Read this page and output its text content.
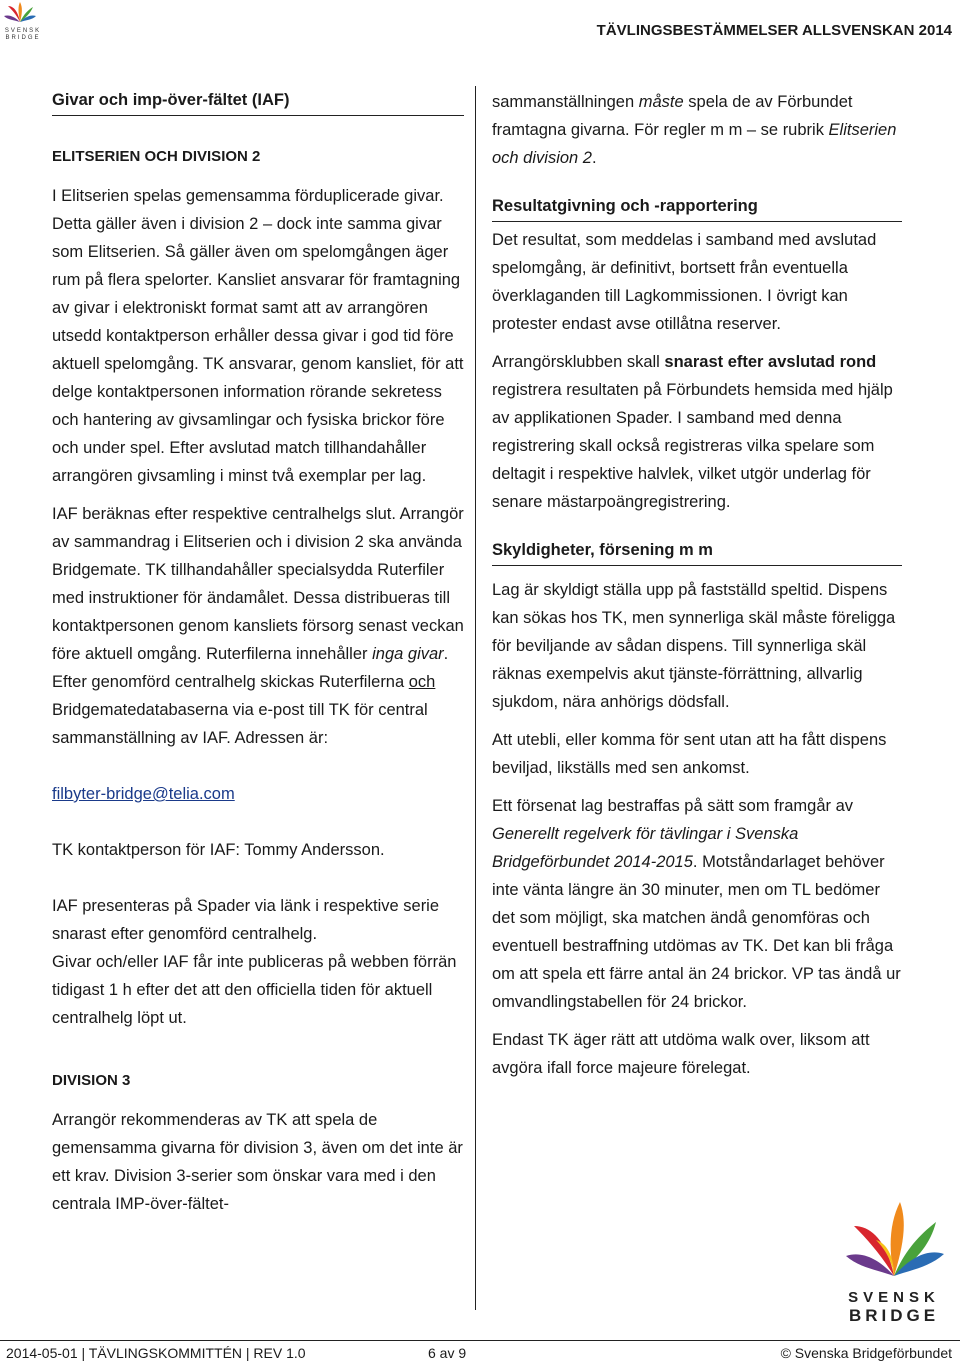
SVENSK
BRIDGE	TÄVLINGSBESTÄMMELSER ALLSVENSKAN 2014
Givar och imp-över-fältet (IAF)
ELITSERIEN OCH DIVISION 2

I Elitserien spelas gemensamma förduplicerade givar. Detta gäller även i division 2 – dock inte samma givar som Elitserien. Så gäller även om spelomgången äger rum på flera spelorter. Kansliet ansvarar för framtagning av givar i elektroniskt format samt att av arrangören utsedd kontaktperson erhåller dessa givar i god tid före aktuell spelomgång. TK ansvarar, genom kansliet, för att delge kontaktpersonen information rörande sekretess och hantering av givsamlingar och fysiska brickor före och under spel. Efter avslutad match tillhandahåller arrangören givsamling i minst två exemplar per lag.

IAF beräknas efter respektive centralhelgs slut. Arrangör av sammandrag i Elitserien och i division 2 ska använda Bridgemate. TK tillhandahåller specialsydda Ruterfiler med instruktioner för ändamålet. Dessa distribueras till kontaktpersonen genom kansliets försorg senast veckan före aktuell omgång. Ruterfilerna innehåller inga givar.

Efter genomförd centralhelg skickas Ruterfilerna och Bridgematedatabaserna via e-post till TK för central sammanställning av IAF. Adressen är:

filbyter-bridge@telia.com

TK kontaktperson för IAF: Tommy Andersson.

IAF presenteras på Spader via länk i respektive serie snarast efter genomförd centralhelg.

Givar och/eller IAF får inte publiceras på webben förrän tidigast 1 h efter det att den officiella tiden för aktuell centralhelg löpt ut.

DIVISION 3

Arrangör rekommenderas av TK att spela de gemensamma givarna för division 3, även om det inte är ett krav. Division 3-serier som önskar vara med i den centrala IMP-över-fältet-

sammanställningen måste spela de av Förbundet framtagna givarna. För regler m m – se rubrik Elitserien och division 2.

Resultatgivning och -rapportering

Det resultat, som meddelas i samband med avslutad spelomgång, är definitivt, bortsett från eventuella överklaganden till Lagkommissionen. I övrigt kan protester endast avse otillåtna reserver.

Arrangörsklubben skall snarast efter avslutad rond registrera resultaten på Förbundets hemsida med hjälp av applikationen Spader. I samband med denna registrering skall också registreras vilka spelare som deltagit i respektive halvlek, vilket utgör underlag för senare mästarpoängregistrering.

Skyldigheter, försening m m

Lag är skyldigt ställa upp på fastställd speltid. Dispens kan sökas hos TK, men synnerliga skäl måste föreligga för beviljande av sådan dispens. Till synnerliga skäl räknas exempelvis akut tjänste-förrättning, allvarlig sjukdom, nära anhörigs dödsfall.

Att utebli, eller komma för sent utan att ha fått dispens beviljad, likställs med sen ankomst.

Ett försenat lag bestraffas på sätt som framgår av Generellt regelverk för tävlingar i Svenska Bridgeförbundet 2014-2015. Motståndarlaget behöver inte vänta längre än 30 minuter, men om TL bedömer det som möjligt, ska matchen ändå genomföras och eventuell bestraffning utdömas av TK. Det kan bli fråga om att spela ett färre antal än 24 brickor. VP tas ändå ur omvandlingstabellen för 24 brickor.

Endast TK äger rätt att utdöma walk over, liksom att avgöra ifall force majeure förelegat.

SVENSK
BRIDGE
2014-05-01 | TÄVLINGSKOMMITTÉN | REV 1.0	6 av 9	© Svenska Bridgeförbundet
